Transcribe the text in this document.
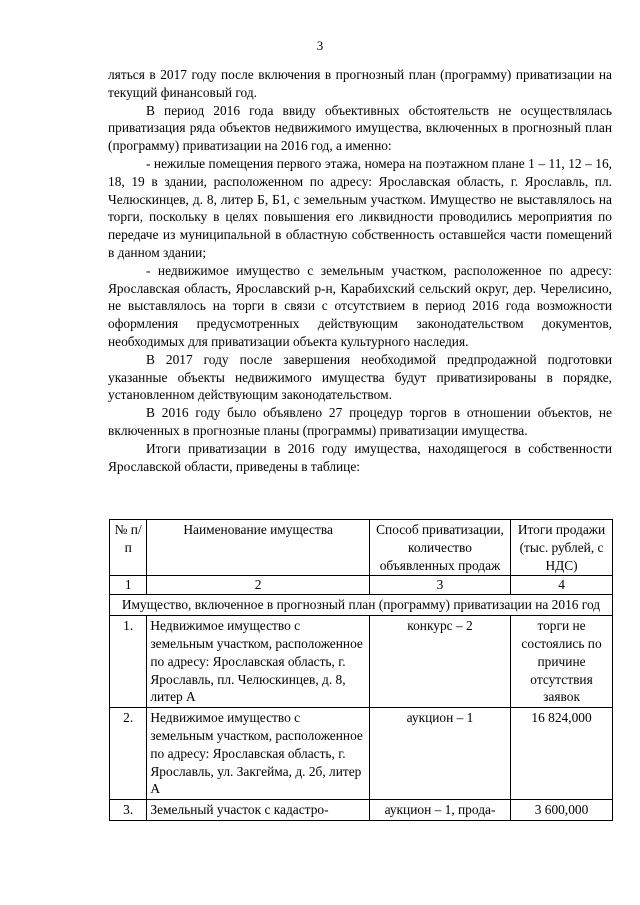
3

ляться в 2017 году после включения в прогнозный план (программу) приватизации на текущий финансовый год.

В период 2016 года ввиду объективных обстоятельств не осуществлялась приватизация ряда объектов недвижимого имущества, включенных в прогнозный план (программу) приватизации на 2016 год, а именно:

- нежилые помещения первого этажа, номера на поэтажном плане 1 – 11, 12 – 16, 18, 19 в здании, расположенном по адресу: Ярославская область, г. Ярославль, пл. Челюскинцев, д. 8, литер Б, Б1, с земельным участком. Имущество не выставлялось на торги, поскольку в целях повышения его ликвидности проводились мероприятия по передаче из муниципальной в областную собственность оставшейся части помещений в данном здании;

- недвижимое имущество с земельным участком, расположенное по адресу: Ярославская область, Ярославский р-н, Карабихский сельский округ, дер. Черелисино, не выставлялось на торги в связи с отсутствием в период 2016 года возможности оформления предусмотренных действующим законодательством документов, необходимых для приватизации объекта культурного наследия.

В 2017 году после завершения необходимой предпродажной подготовки указанные объекты недвижимого имущества будут приватизированы в порядке, установленном действующим законодательством.

В 2016 году было объявлено 27 процедур торгов в отношении объектов, не включенных в прогнозные планы (программы) приватизации имущества.

Итоги приватизации в 2016 году имущества, находящегося в собственности Ярославской области, приведены в таблице:

№ п/п	Наименование имущества	Способ приватизации, количество объявленных продаж	Итоги продажи (тыс. рублей, с НДС)
1	2	3	4
Имущество, включенное в прогнозный план (программу) приватизации на 2016 год			
1.	Недвижимое имущество с земельным участком, расположенное по адресу: Ярославская область, г. Ярославль, пл. Челюскинцев, д. 8, литер А	конкурс – 2	торги не состоялись по причине отсутствия заявок
2.	Недвижимое имущество с земельным участком, расположенное по адресу: Ярославская область, г. Ярославль, ул. Закгейма, д. 2б, литер А	аукцион – 1	16 824,000
3.	Земельный участок с кадастро-	аукцион – 1, прода-	3 600,000
